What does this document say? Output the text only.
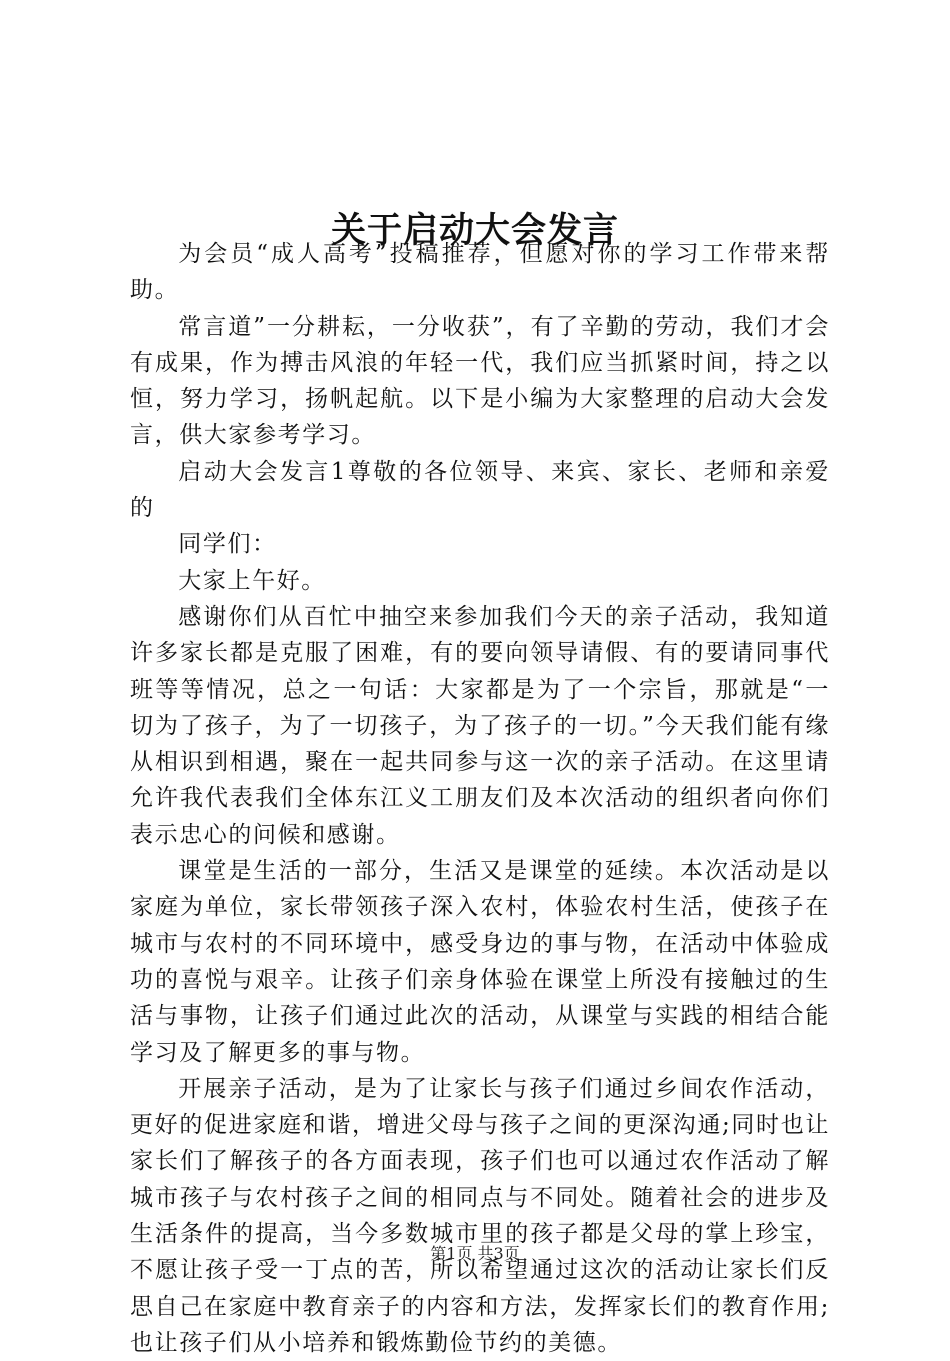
关于启动大会发言

为会员“成人高考”投稿推荐，但愿对你的学习工作带来帮助。

常言道”一分耕耘，一分收获”，有了辛勤的劳动，我们才会有成果，作为搏击风浪的年轻一代，我们应当抓紧时间，持之以恒，努力学习，扬帆起航。以下是小编为大家整理的启动大会发言，供大家参考学习。

启动大会发言1尊敬的各位领导、来宾、家长、老师和亲爱的

同学们：

大家上午好。

感谢你们从百忙中抽空来参加我们今天的亲子活动，我知道许多家长都是克服了困难，有的要向领导请假、有的要请同事代班等等情况，总之一句话：大家都是为了一个宗旨，那就是“一切为了孩子，为了一切孩子，为了孩子的一切。”今天我们能有缘从相识到相遇，聚在一起共同参与这一次的亲子活动。在这里请允许我代表我们全体东江义工朋友们及本次活动的组织者向你们表示忠心的问候和感谢。

课堂是生活的一部分，生活又是课堂的延续。本次活动是以家庭为单位，家长带领孩子深入农村，体验农村生活，使孩子在城市与农村的不同环境中，感受身边的事与物，在活动中体验成功的喜悦与艰辛。让孩子们亲身体验在课堂上所没有接触过的生活与事物，让孩子们通过此次的活动，从课堂与实践的相结合能学习及了解更多的事与物。

开展亲子活动，是为了让家长与孩子们通过乡间农作活动，更好的促进家庭和谐，增进父母与孩子之间的更深沟通;同时也让家长们了解孩子的各方面表现，孩子们也可以通过农作活动了解城市孩子与农村孩子之间的相同点与不同处。随着社会的进步及生活条件的提高，当今多数城市里的孩子都是父母的掌上珍宝，不愿让孩子受一丁点的苦，所以希望通过这次的活动让家长们反思自己在家庭中教育亲子的内容和方法，发挥家长们的教育作用;也让孩子们从小培养和锻炼勤俭节约的美德。

第1页 共3页
